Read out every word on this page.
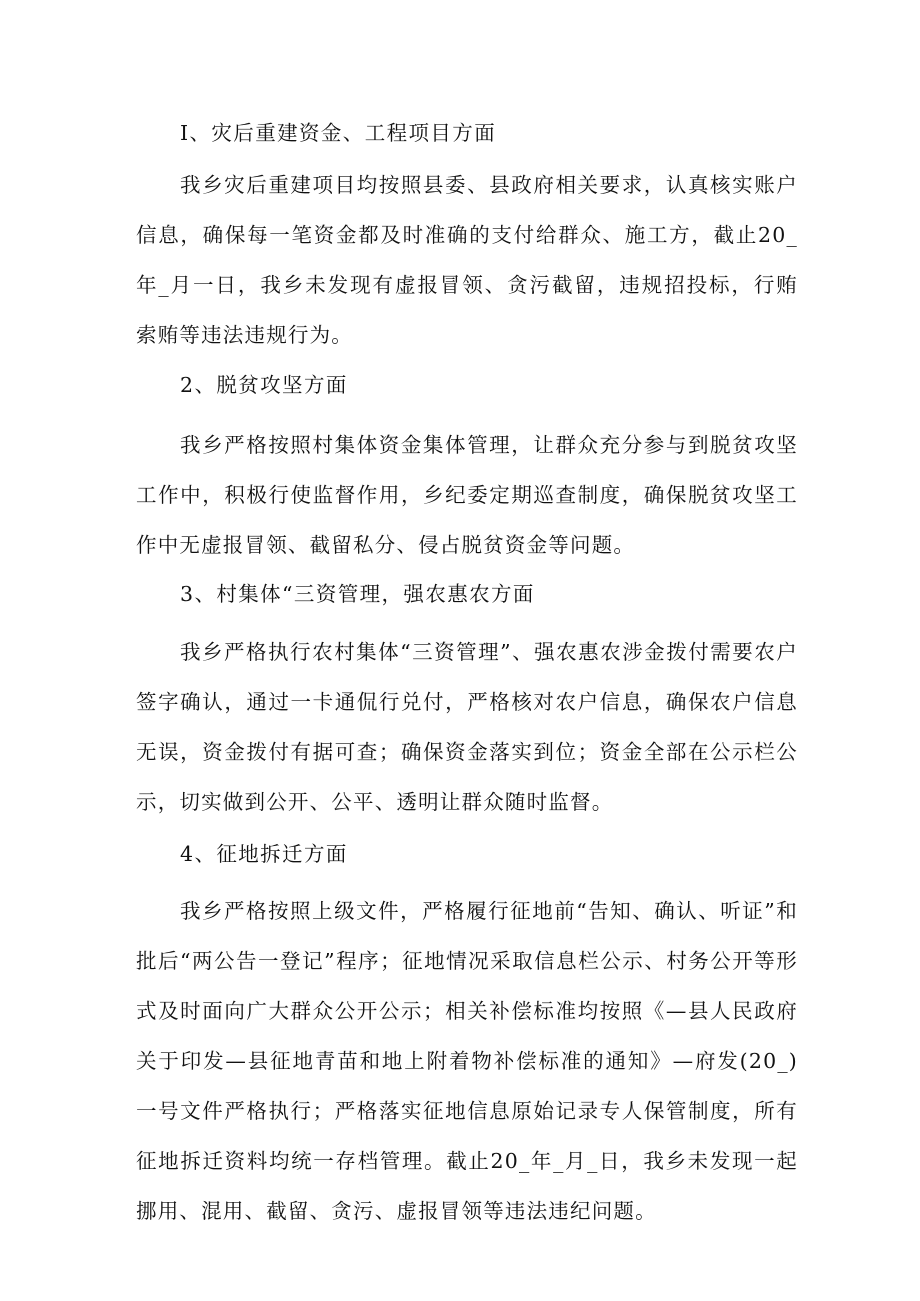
I、灾后重建资金、工程项目方面
我乡灾后重建项目均按照县委、县政府相关要求，认真核实账户信息，确保每一笔资金都及时准确的支付给群众、施工方，截止20_年_月一日，我乡未发现有虚报冒领、贪污截留，违规招投标，行贿索贿等违法违规行为。
2、脱贫攻坚方面
我乡严格按照村集体资金集体管理，让群众充分参与到脱贫攻坚工作中，积极行使监督作用，乡纪委定期巡查制度，确保脱贫攻坚工作中无虚报冒领、截留私分、侵占脱贫资金等问题。
3、村集体“三资管理，强农惠农方面
我乡严格执行农村集体“三资管理”、强农惠农涉金拨付需要农户签字确认，通过一卡通侃行兑付，严格核对农户信息，确保农户信息无误，资金拨付有据可查；确保资金落实到位；资金全部在公示栏公示，切实做到公开、公平、透明让群众随时监督。
4、征地拆迁方面
我乡严格按照上级文件，严格履行征地前“告知、确认、听证”和批后“两公告一登记”程序；征地情况采取信息栏公示、村务公开等形式及时面向广大群众公开公示；相关补偿标准均按照《—县人民政府关于印发—县征地青苗和地上附着物补偿标准的通知》—府发(20_)一号文件严格执行；严格落实征地信息原始记录专人保管制度，所有征地拆迁资料均统一存档管理。截止20_年_月_日，我乡未发现一起挪用、混用、截留、贪污、虚报冒领等违法违纪问题。
